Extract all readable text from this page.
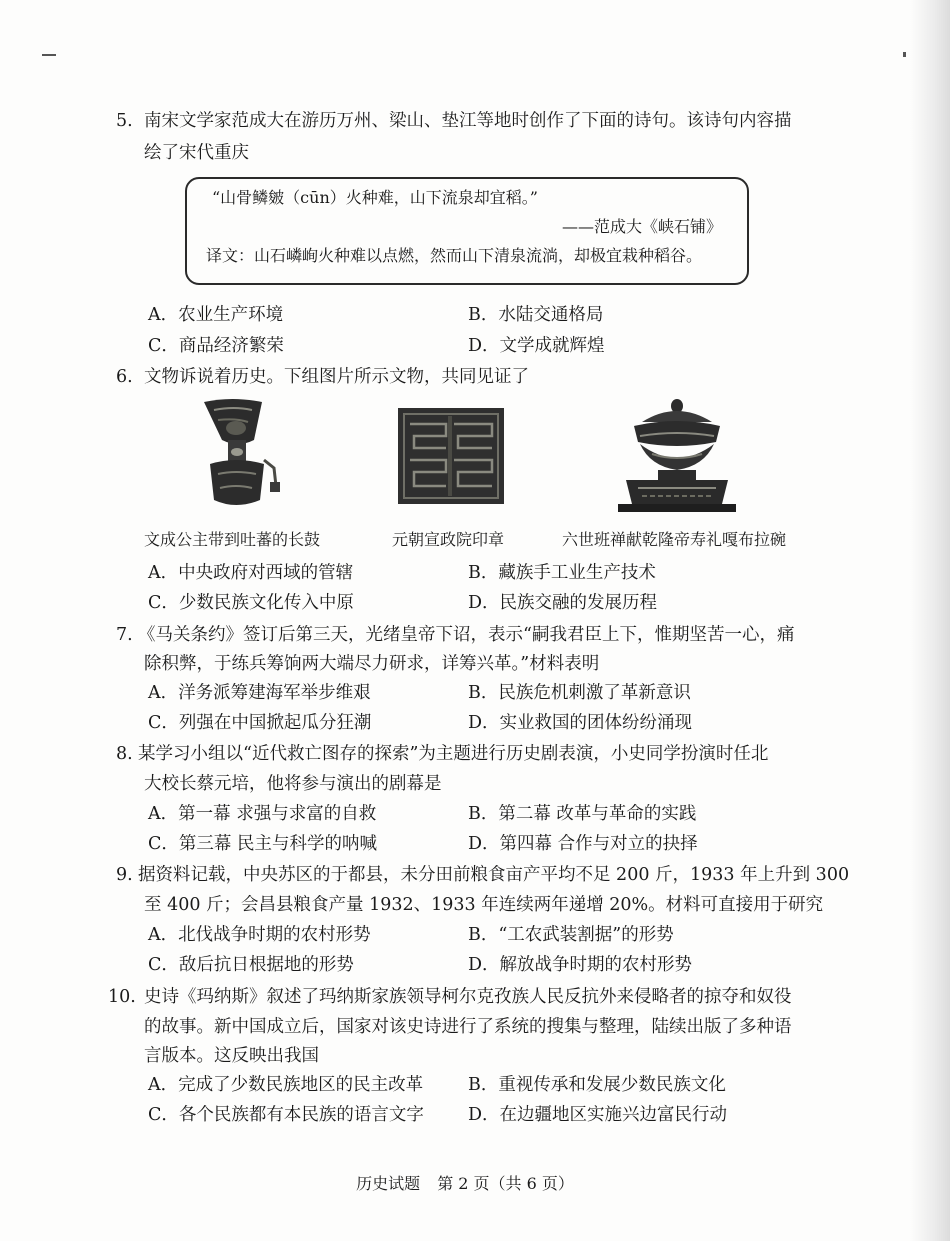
5. 南宋文学家范成大在游历万州、梁山、垫江等地时创作了下面的诗句。该诗句内容描
绘了宋代重庆
“山骨鳞皴（cūn）火种难，山下流泉却宜稻。”
——范成大《峡石铺》
译文：山石嶙峋火种难以点燃，然而山下清泉流淌，却极宜栽种稻谷。
A．农业生产环境	B．水陆交通格局
C．商品经济繁荣	D．文学成就辉煌
6. 文物诉说着历史。下组图片所示文物，共同见证了
文成公主带到吐蕃的长鼓	元朝宣政院印章	六世班禅献乾隆帝寿礼嘎布拉碗
A．中央政府对西域的管辖	B．藏族手工业生产技术
C．少数民族文化传入中原	D．民族交融的发展历程
7. 《马关条约》签订后第三天，光绪皇帝下诏，表示“嗣我君臣上下，惟期坚苦一心，痛
除积弊，于练兵筹饷两大端尽力研求，详筹兴革。”材料表明
A．洋务派筹建海军举步维艰	B．民族危机刺激了革新意识
C．列强在中国掀起瓜分狂潮	D．实业救国的团体纷纷涌现
8. 某学习小组以“近代救亡图存的探索”为主题进行历史剧表演，小史同学扮演时任北
大校长蔡元培，他将参与演出的剧幕是
A．第一幕 求强与求富的自救	B．第二幕 改革与革命的实践
C．第三幕 民主与科学的呐喊	D．第四幕 合作与对立的抉择
9. 据资料记载，中央苏区的于都县，未分田前粮食亩产平均不足 200 斤，1933 年上升到 300
至 400 斤；会昌县粮食产量 1932、1933 年连续两年递增 20%。材料可直接用于研究
A．北伐战争时期的农村形势	B．“工农武装割据”的形势
C．敌后抗日根据地的形势	D．解放战争时期的农村形势
10. 史诗《玛纳斯》叙述了玛纳斯家族领导柯尔克孜族人民反抗外来侵略者的掠夺和奴役
的故事。新中国成立后，国家对该史诗进行了系统的搜集与整理，陆续出版了多种语
言版本。这反映出我国
A．完成了少数民族地区的民主改革	B．重视传承和发展少数民族文化
C．各个民族都有本民族的语言文字	D．在边疆地区实施兴边富民行动
历史试题 第 2 页（共 6 页）
